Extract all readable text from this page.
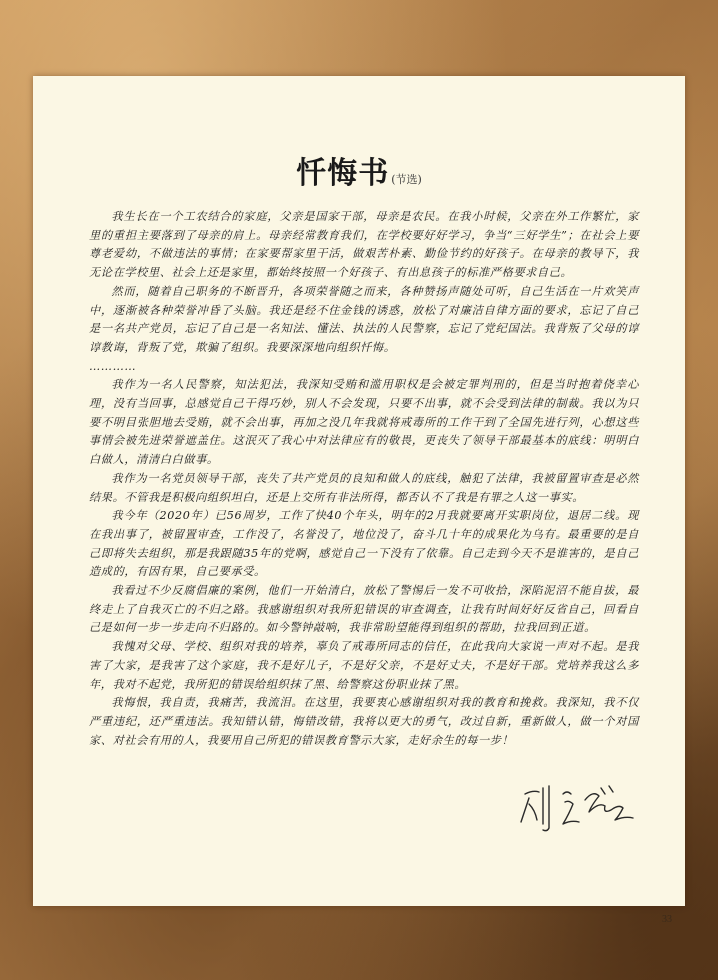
忏悔书 (节选)

我生长在一个工农结合的家庭，父亲是国家干部，母亲是农民。在我小时候，父亲在外工作繁忙，家里的重担主要落到了母亲的肩上。母亲经常教育我们，在学校要好好学习，争当“三好学生”；在社会上要尊老爱幼，不做违法的事情；在家要帮家里干活，做艰苦朴素、勤俭节约的好孩子。在母亲的教导下，我无论在学校里、社会上还是家里，都始终按照一个好孩子、有出息孩子的标准严格要求自己。

然而，随着自己职务的不断晋升，各项荣誉随之而来，各种赞扬声随处可听，自己生活在一片欢笑声中，逐渐被各种荣誉冲昏了头脑。我还是经不住金钱的诱惑，放松了对廉洁自律方面的要求，忘记了自己是一名共产党员，忘记了自己是一名知法、懂法、执法的人民警察，忘记了党纪国法。我背叛了父母的谆谆教诲，背叛了党，欺骗了组织。我要深深地向组织忏悔。

…………

我作为一名人民警察，知法犯法，我深知受贿和滥用职权是会被定罪判刑的，但是当时抱着侥幸心理，没有当回事，总感觉自己干得巧妙，别人不会发现，只要不出事，就不会受到法律的制裁。我以为只要不明目张胆地去受贿，就不会出事，再加之没几年我就将戒毒所的工作干到了全国先进行列，心想这些事情会被先进荣誉遮盖住。这泯灭了我心中对法律应有的敬畏，更丧失了领导干部最基本的底线：明明白白做人，清清白白做事。

我作为一名党员领导干部，丧失了共产党员的良知和做人的底线，触犯了法律，我被留置审查是必然结果。不管我是积极向组织坦白，还是上交所有非法所得，都否认不了我是有罪之人这一事实。

我今年（2020年）已56周岁，工作了快40个年头，明年的2月我就要离开实职岗位，退居二线。现在我出事了，被留置审查，工作没了，名誉没了，地位没了，奋斗几十年的成果化为乌有。最重要的是自己即将失去组织，那是我跟随35年的党啊，感觉自己一下没有了依靠。自己走到今天不是谁害的，是自己造成的，有因有果，自己要承受。

我看过不少反腐倡廉的案例，他们一开始清白，放松了警惕后一发不可收拾，深陷泥沼不能自拔，最终走上了自我灭亡的不归之路。我感谢组织对我所犯错误的审查调查，让我有时间好好反省自己，回看自己是如何一步一步走向不归路的。如今警钟敲响，我非常盼望能得到组织的帮助，拉我回到正道。

我愧对父母、学校、组织对我的培养，辜负了戒毒所同志的信任，在此我向大家说一声对不起。是我害了大家，是我害了这个家庭，我不是好儿子，不是好父亲，不是好丈夫，不是好干部。党培养我这么多年，我对不起党，我所犯的错误给组织抹了黑、给警察这份职业抹了黑。

我悔恨，我自责，我痛苦，我流泪。在这里，我要衷心感谢组织对我的教育和挽救。我深知，我不仅严重违纪，还严重违法。我知错认错，悔错改错，我将以更大的勇气，改过自新，重新做人，做一个对国家、对社会有用的人，我要用自己所犯的错误教育警示大家，走好余生的每一步！

33
